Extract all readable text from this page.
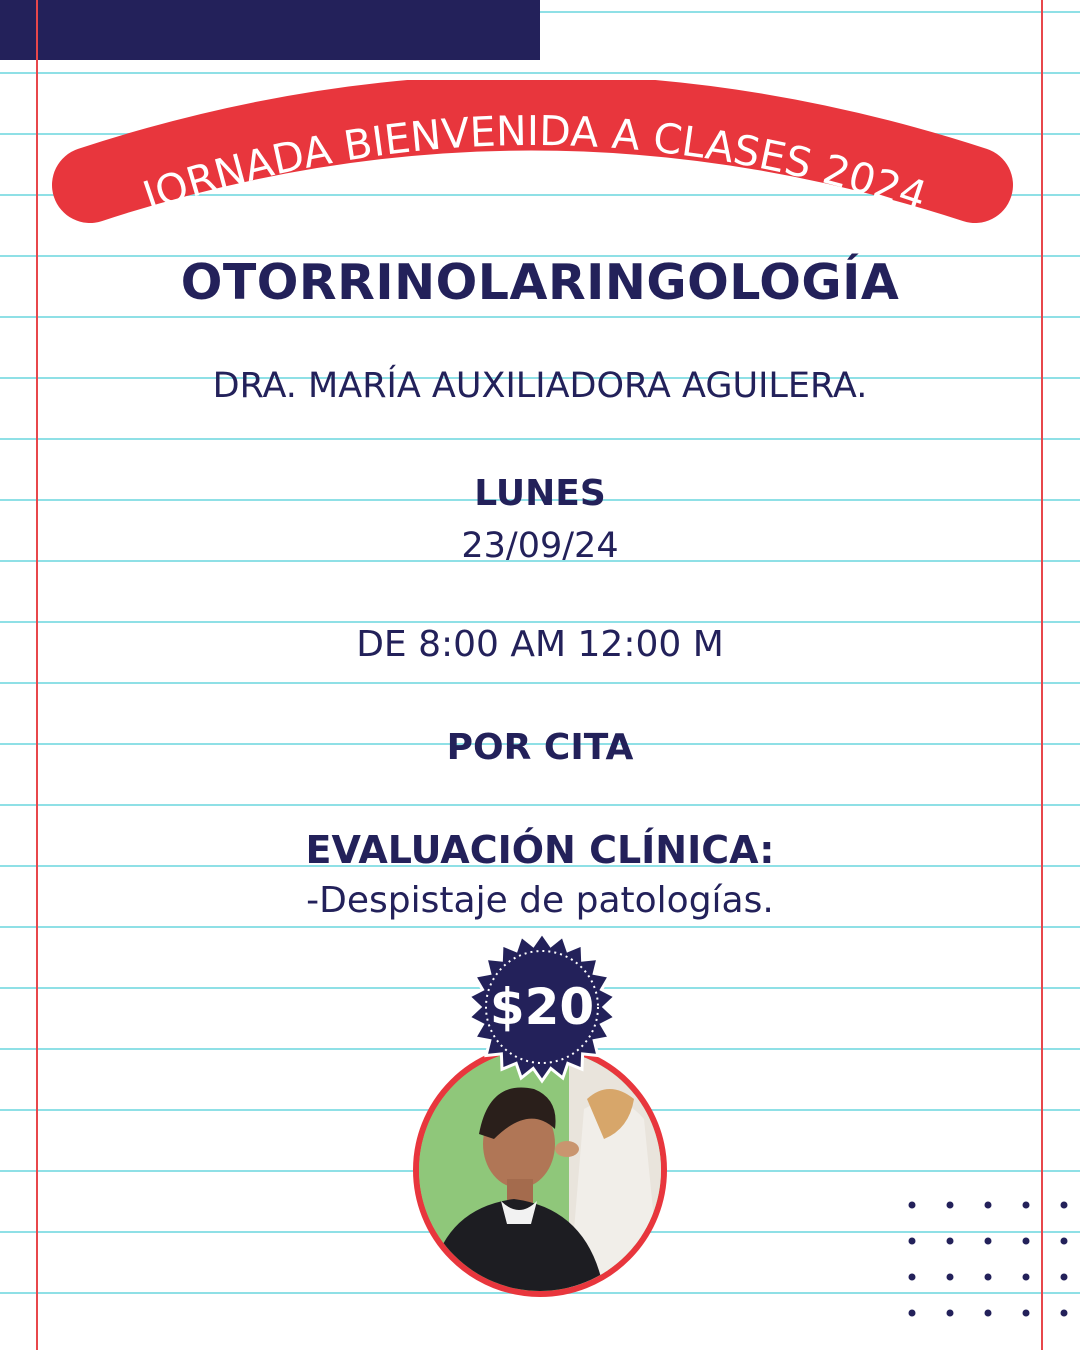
JORNADA BIENVENIDA A CLASES 2024

OTORRINOLARINGOLOGÍA

DRA. MARÍA AUXILIADORA AGUILERA.

LUNES

23/09/24

DE 8:00 AM 12:00 M

POR CITA

EVALUACIÓN CLÍNICA:

-Despistaje de patologías.

$20
